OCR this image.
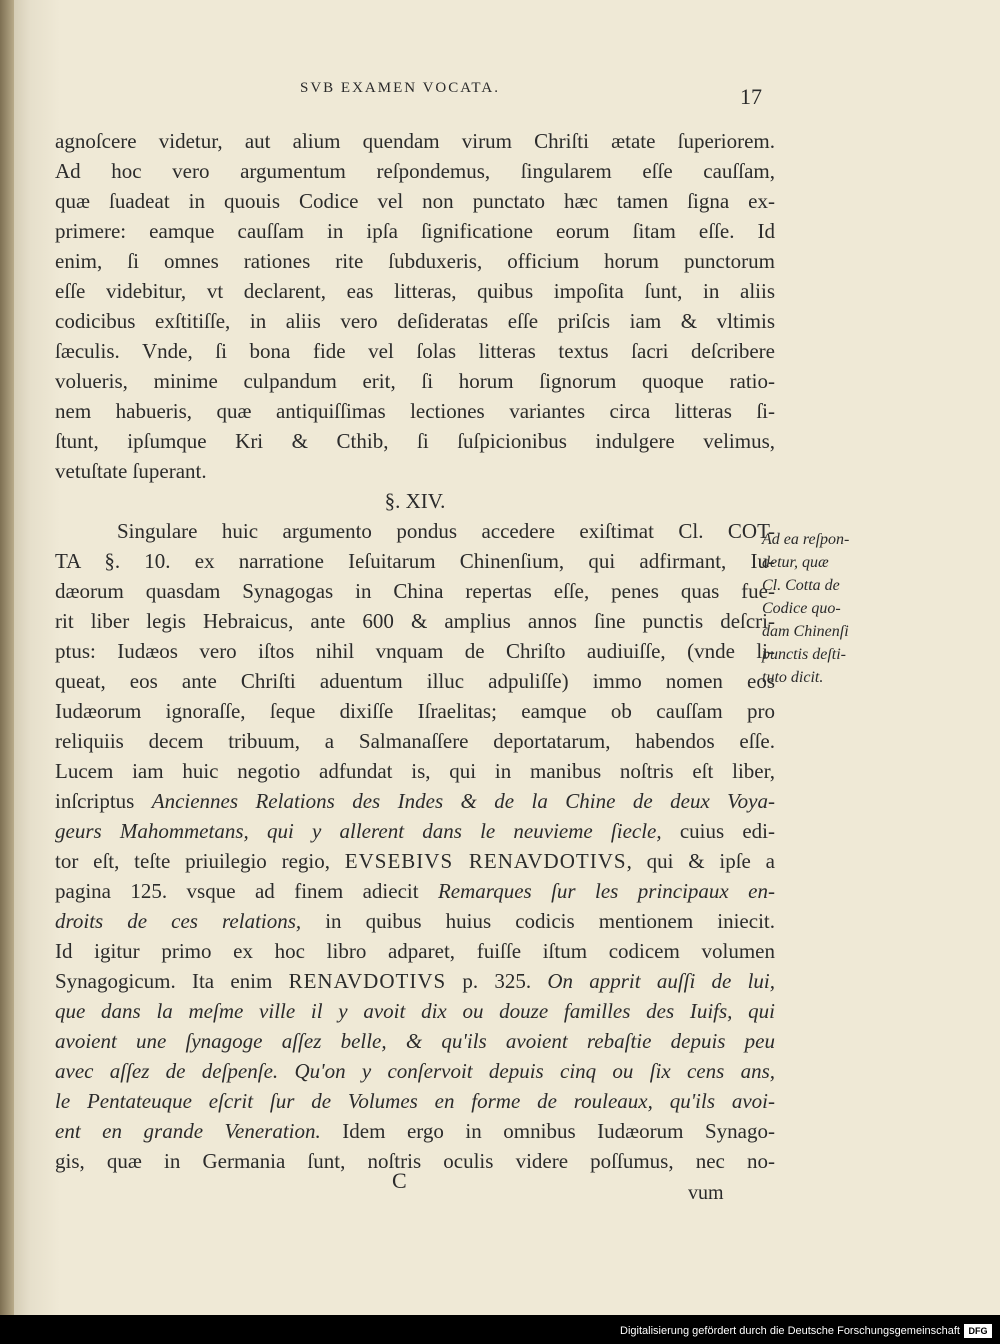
SVB EXAMEN VOCATA.	17
agnoſcere videtur, aut alium quendam virum Chriſti ætate ſuperiorem.
Ad hoc vero argumentum reſpondemus, ſingularem eſſe cauſſam,
quæ ſuadeat in quouis Codice vel non punctato hæc tamen ſigna ex-
primere: eamque cauſſam in ipſa ſignificatione eorum ſitam eſſe. Id
enim, ſi omnes rationes rite ſubduxeris, officium horum punctorum
eſſe videbitur, vt declarent, eas litteras, quibus impoſita ſunt, in aliis
codicibus exſtitiſſe, in aliis vero deſideratas eſſe priſcis iam & vltimis
ſæculis. Vnde, ſi bona fide vel ſolas litteras textus ſacri deſcribere
volueris, minime culpandum erit, ſi horum ſignorum quoque ratio-
nem habueris, quæ antiquiſſimas lectiones variantes circa litteras ſi-
ſtunt, ipſumque Kri & Cthib, ſi ſuſpicionibus indulgere velimus,
vetuſtate ſuperant.
§. XIV.
Singulare huic argumento pondus accedere exiſtimat Cl. COT-
TA §. 10. ex narratione Ieſuitarum Chinenſium, qui adfirmant, Iu-
dæorum quasdam Synagogas in China repertas eſſe, penes quas fue-
rit liber legis Hebraicus, ante 600 & amplius annos ſine punctis deſcri-
ptus: Iudæos vero iſtos nihil vnquam de Chriſto audiuiſſe, (vnde li-
queat, eos ante Chriſti aduentum illuc adpuliſſe) immo nomen eos
Iudæorum ignoraſſe, ſeque dixiſſe Iſraelitas; eamque ob cauſſam pro
reliquiis decem tribuum, a Salmanaſſere deportatarum, habendos eſſe.
Lucem iam huic negotio adfundat is, qui in manibus noſtris eſt liber,
inſcriptus Anciennes Relations des Indes & de la Chine de deux Voya-
geurs Mahommetans, qui y allerent dans le neuvieme ſiecle, cuius edi-
tor eſt, teſte priuilegio regio, EVSEBIVS RENAVDOTIVS, qui & ipſe a
pagina 125. vsque ad finem adiecit Remarques ſur les principaux en-
droits de ces relations, in quibus huius codicis mentionem iniecit.
Id igitur primo ex hoc libro adparet, fuiſſe iſtum codicem volumen
Synagogicum. Ita enim RENAVDOTIVS p. 325. On apprit auſſi de lui,
que dans la meſme ville il y avoit dix ou douze familles des Iuifs, qui
avoient une ſynagoge aſſez belle, & qu'ils avoient rebaſtie depuis peu
avec aſſez de deſpenſe. Qu'on y conſervoit depuis cinq ou ſix cens ans,
le Pentateuque eſcrit ſur de Volumes en forme de rouleaux, qu'ils avoi-
ent en grande Veneration. Idem ergo in omnibus Iudæorum Synago-
gis, quæ in Germania ſunt, noſtris oculis videre poſſumus, nec no-
Ad ea reſpon-
detur, quæ
Cl. Cotta de
Codice quo-
dam Chinenſi
punctis deſti-
tuto dicit.
C	vum
Digitalisierung gefördert durch die Deutsche Forschungsgemeinschaft DFG
